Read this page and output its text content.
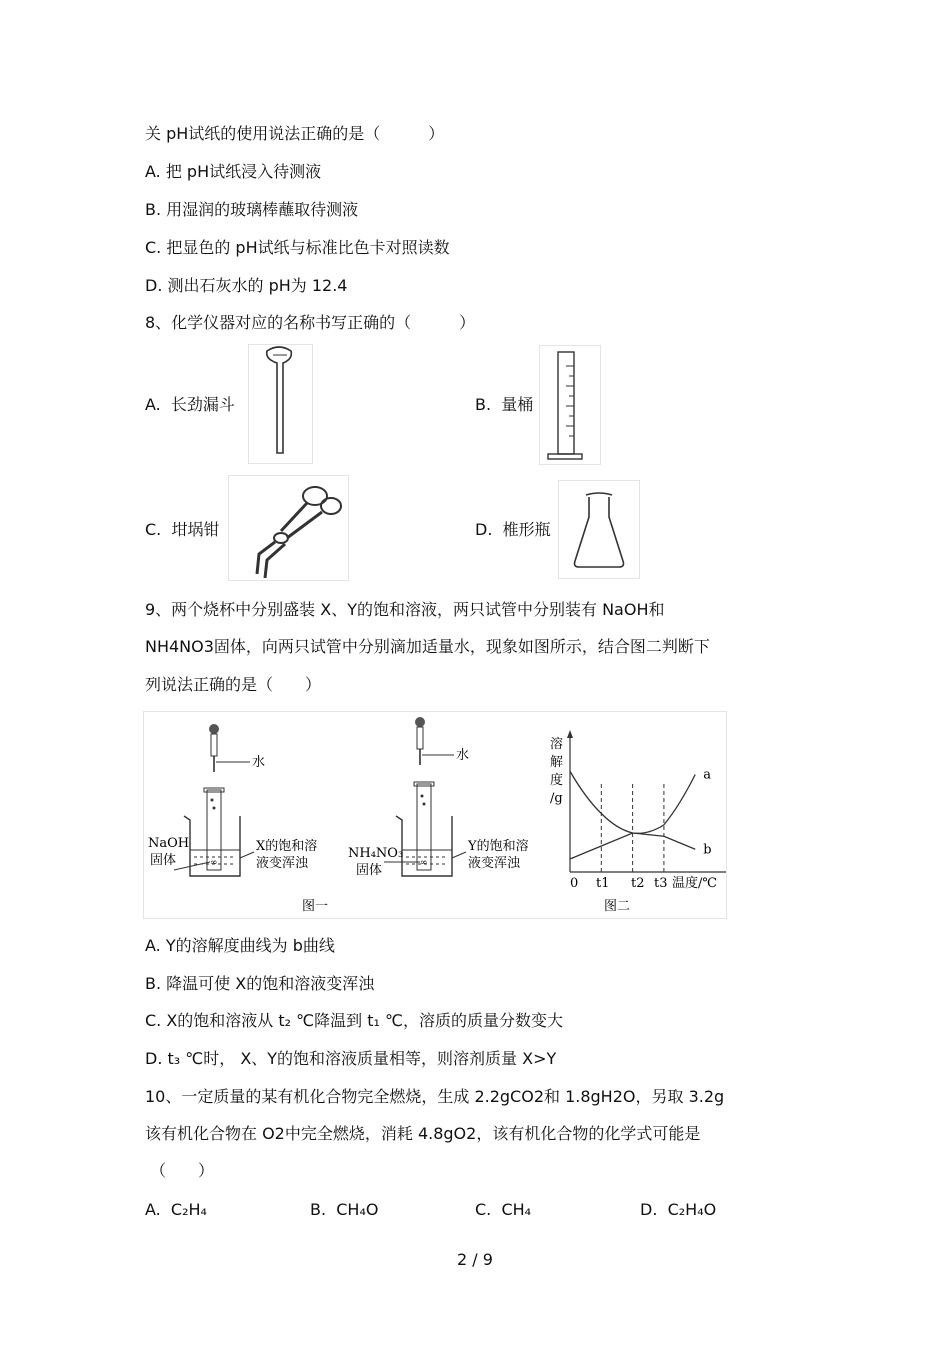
关 pH试纸的使用说法正确的是（　　　）
A. 把 pH试纸浸入待测液
B. 用湿润的玻璃棒蘸取待测液
C. 把显色的 pH试纸与标准比色卡对照读数
D. 测出石灰水的 pH为 12.4
8、化学仪器对应的名称书写正确的（　　　）
A. 长劲漏斗	B. 量桶
C. 坩埚钳	D. 椎形瓶
9、两个烧杯中分别盛装 X、Y的饱和溶液，两只试管中分别装有 NaOH和
NH4NO3固体，向两只试管中分别滴加适量水，现象如图所示，结合图二判断下
列说法正确的是（　　）
水
∞
NaOH
固体
X的饱和溶
液变浑浊
水
∞
NH₄NO₃
固体
Y的饱和溶
液变浑浊
图一
溶
解
度
/g
0 t1 t2 t3 温度/℃
a
b
图二
A. Y的溶解度曲线为 b曲线
B. 降温可使 X的饱和溶液变浑浊
C. X的饱和溶液从 t₂ ℃降温到 t₁ ℃，溶质的质量分数变大
D. t₃ ℃时， X、Y的饱和溶液质量相等，则溶剂质量 X>Y
10、一定质量的某有机化合物完全燃烧，生成 2.2gCO2和 1.8gH2O，另取 3.2g
该有机化合物在 O2中完全燃烧，消耗 4.8gO2，该有机化合物的化学式可能是
（　　）
A. C₂H₄	B. CH₄O	C. CH₄	D. C₂H₄O
2 / 9
